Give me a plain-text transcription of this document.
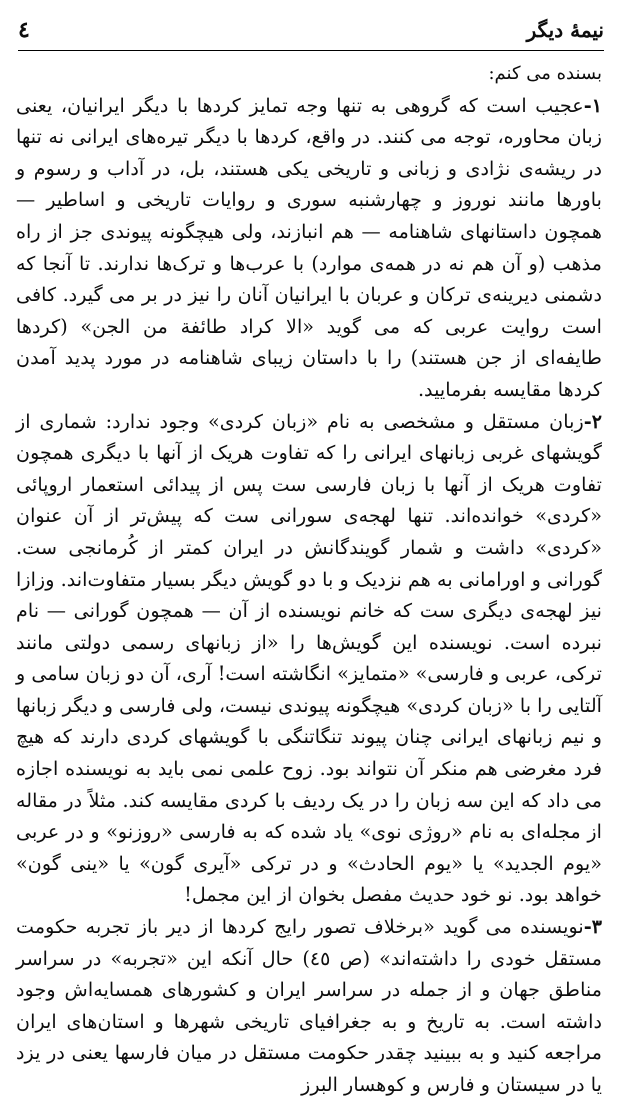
٤	نیمهٔ دیگر

بسنده می کنم:

١-عجیب است که گروهی به تنها وجه تمایز کردها با دیگر ایرانیان، یعنی زبان محاوره، توجه می کنند. در واقع، کردها با دیگر تیره‌های ایرانی نه تنها در ریشه‌ی نژادی و زبانی و تاریخی یکی هستند، بل، در آداب و رسوم و باورها مانند نوروز و چهارشنبه سوری و روایات تاریخی و اساطیر — همچون داستانهای شاهنامه — هم انبازند، ولی هیچگونه پیوندی جز از راه مذهب (و آن هم نه در همه‌ی موارد) با عرب‌ها و ترک‌ها ندارند. تا آنجا که دشمنی دیرینه‌ی ترکان و عربان با ایرانیان آنان را نیز در بر می گیرد. کافی است روایت عربی که می گوید «الا کراد طائفة من الجن» (کردها طایفه‌ای از جن هستند) را با داستان زیبای شاهنامه در مورد پدید آمدن کردها مقایسه بفرمایید.

٢-زبان مستقل و مشخصی به نام «زبان کردی» وجود ندارد: شماری از گویشهای غربی زبانهای ایرانی را که تفاوت هریک از آنها با دیگری همچون تفاوت هریک از آنها با زبان فارسی ست پس از پیدائی استعمار اروپائی «کردی» خوانده‌اند. تنها لهجه‌ی سورانی ست که پیش‌تر از آن عنوان «کردی» داشت و شمار گویندگانش در ایران کمتر از کُرمانجی ست. گورانی و اورامانی به هم نزدیک و با دو گویش دیگر بسیار متفاوت‌اند. وزازا نیز لهجه‌ی دیگری ست که خانم نویسنده از آن — همچون گورانی — نام نبرده است. نویسنده این گویش‌ها را «از زبانهای رسمی دولتی مانند ترکی، عربی و فارسی» «متمایز» انگاشته است! آری، آن دو زبان سامی و آلتایی را با «زبان کردی» هیچگونه پیوندی نیست، ولی فارسی و دیگر زبانها و نیم زبانهای ایرانی چنان پیوند تنگاتنگی با گویشهای کردی دارند که هیچ فرد مغرضی هم منکر آن نتواند بود. زوح علمی نمی باید به نویسنده اجازه می داد که این سه زبان را در یک ردیف با کردی مقایسه کند. مثلاً در مقاله از مجله‌ای به نام «روژی نوی» یاد شده که به فارسی «روزنو» و در عربی «یوم الجدید» یا «یوم الحادث» و در ترکی «آیری گون» یا «ینی گون» خواهد بود. نو خود حدیث مفصل بخوان از این مجمل!

٣-نویسنده می گوید «برخلاف تصور رایج کردها از دیر باز تجربه حکومت مستقل خودی را داشته‌اند» (ص ٤٥) حال آنکه این «تجربه» در سراسر مناطق جهان و از جمله در سراسر ایران و کشورهای همسایه‌اش وجود داشته است. به تاریخ و به جغرافیای تاریخی شهرها و استان‌های ایران مراجعه کنید و به ببینید چقدر حکومت مستقل در میان فارسها یعنی در یزد یا در سیستان و فارس و کوهسار البرز
